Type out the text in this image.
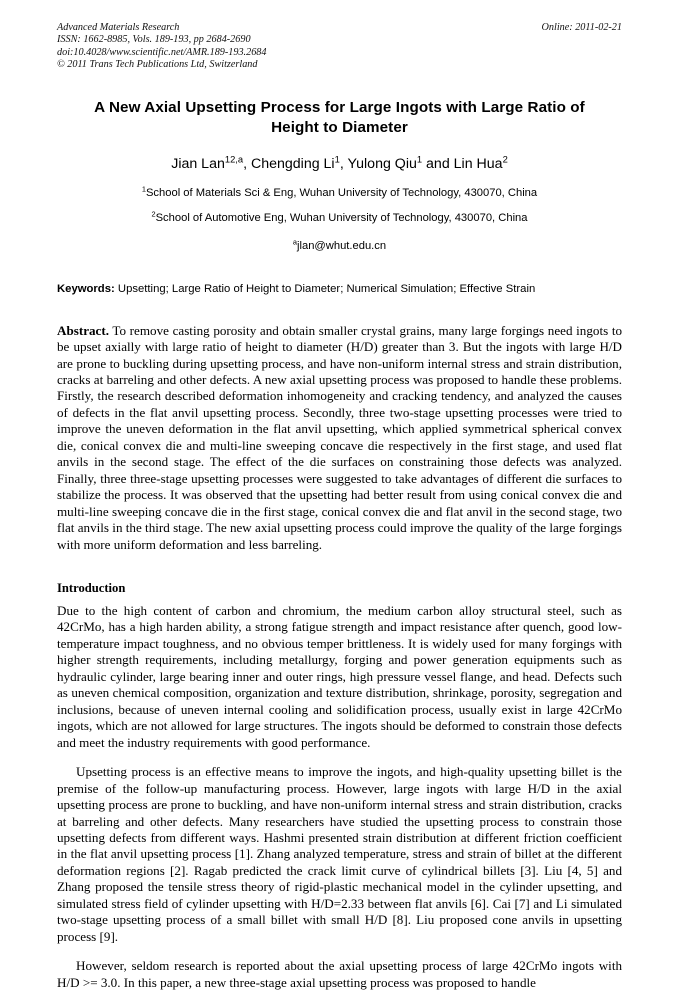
Advanced Materials Research
ISSN: 1662-8985, Vols. 189-193, pp 2684-2690
doi:10.4028/www.scientific.net/AMR.189-193.2684
© 2011 Trans Tech Publications Ltd, Switzerland
Online: 2011-02-21
A New Axial Upsetting Process for Large Ingots with Large Ratio of Height to Diameter
Jian Lan$^{12,a}$, Chengding Li$^1$, Yulong Qiu$^1$ and Lin Hua$^2$
$^1$School of Materials Sci & Eng, Wuhan University of Technology, 430070, China
$^2$School of Automotive Eng, Wuhan University of Technology, 430070, China
$^a$jlan@whut.edu.cn
Keywords: Upsetting; Large Ratio of Height to Diameter; Numerical Simulation; Effective Strain
Abstract. To remove casting porosity and obtain smaller crystal grains, many large forgings need ingots to be upset axially with large ratio of height to diameter (H/D) greater than 3. But the ingots with large H/D are prone to buckling during upsetting process, and have non-uniform internal stress and strain distribution, cracks at barreling and other defects. A new axial upsetting process was proposed to handle these problems. Firstly, the research described deformation inhomogeneity and cracking tendency, and analyzed the causes of defects in the flat anvil upsetting process. Secondly, three two-stage upsetting processes were tried to improve the uneven deformation in the flat anvil upsetting, which applied symmetrical spherical convex die, conical convex die and multi-line sweeping concave die respectively in the first stage, and used flat anvils in the second stage. The effect of the die surfaces on constraining those defects was analyzed. Finally, three three-stage upsetting processes were suggested to take advantages of different die surfaces to stabilize the process. It was observed that the upsetting had better result from using conical convex die and multi-line sweeping concave die in the first stage, conical convex die and flat anvil in the second stage, two flat anvils in the third stage. The new axial upsetting process could improve the quality of the large forgings with more uniform deformation and less barreling.
Introduction

Due to the high content of carbon and chromium, the medium carbon alloy structural steel, such as 42CrMo, has a high harden ability, a strong fatigue strength and impact resistance after quench, good low-temperature impact toughness, and no obvious temper brittleness. It is widely used for many forgings with higher strength requirements, including metallurgy, forging and power generation equipments such as hydraulic cylinder, large bearing inner and outer rings, high pressure vessel flange, and head. Defects such as uneven chemical composition, organization and texture distribution, shrinkage, porosity, segregation and inclusions, because of uneven internal cooling and solidification process, usually exist in large 42CrMo ingots, which are not allowed for large structures. The ingots should be deformed to constrain those defects and meet the industry requirements with good performance.

Upsetting process is an effective means to improve the ingots, and high-quality upsetting billet is the premise of the follow-up manufacturing process. However, large ingots with large H/D in the axial upsetting process are prone to buckling, and have non-uniform internal stress and strain distribution, cracks at barreling and other defects. Many researchers have studied the upsetting process to constrain those upsetting defects from different ways. Hashmi presented strain distribution at different friction coefficient in the flat anvil upsetting process [1]. Zhang analyzed temperature, stress and strain of billet at the different deformation regions [2]. Ragab predicted the crack limit curve of cylindrical billets [3]. Liu [4, 5] and Zhang proposed the tensile stress theory of rigid-plastic mechanical model in the cylinder upsetting, and simulated stress field of cylinder upsetting with H/D=2.33 between flat anvils [6]. Cai [7] and Li simulated two-stage upsetting process of a small billet with small H/D [8]. Liu proposed cone anvils in upsetting process [9].

However, seldom research is reported about the axial upsetting process of large 42CrMo ingots with H/D >= 3.0. In this paper, a new three-stage axial upsetting process was proposed to handle
